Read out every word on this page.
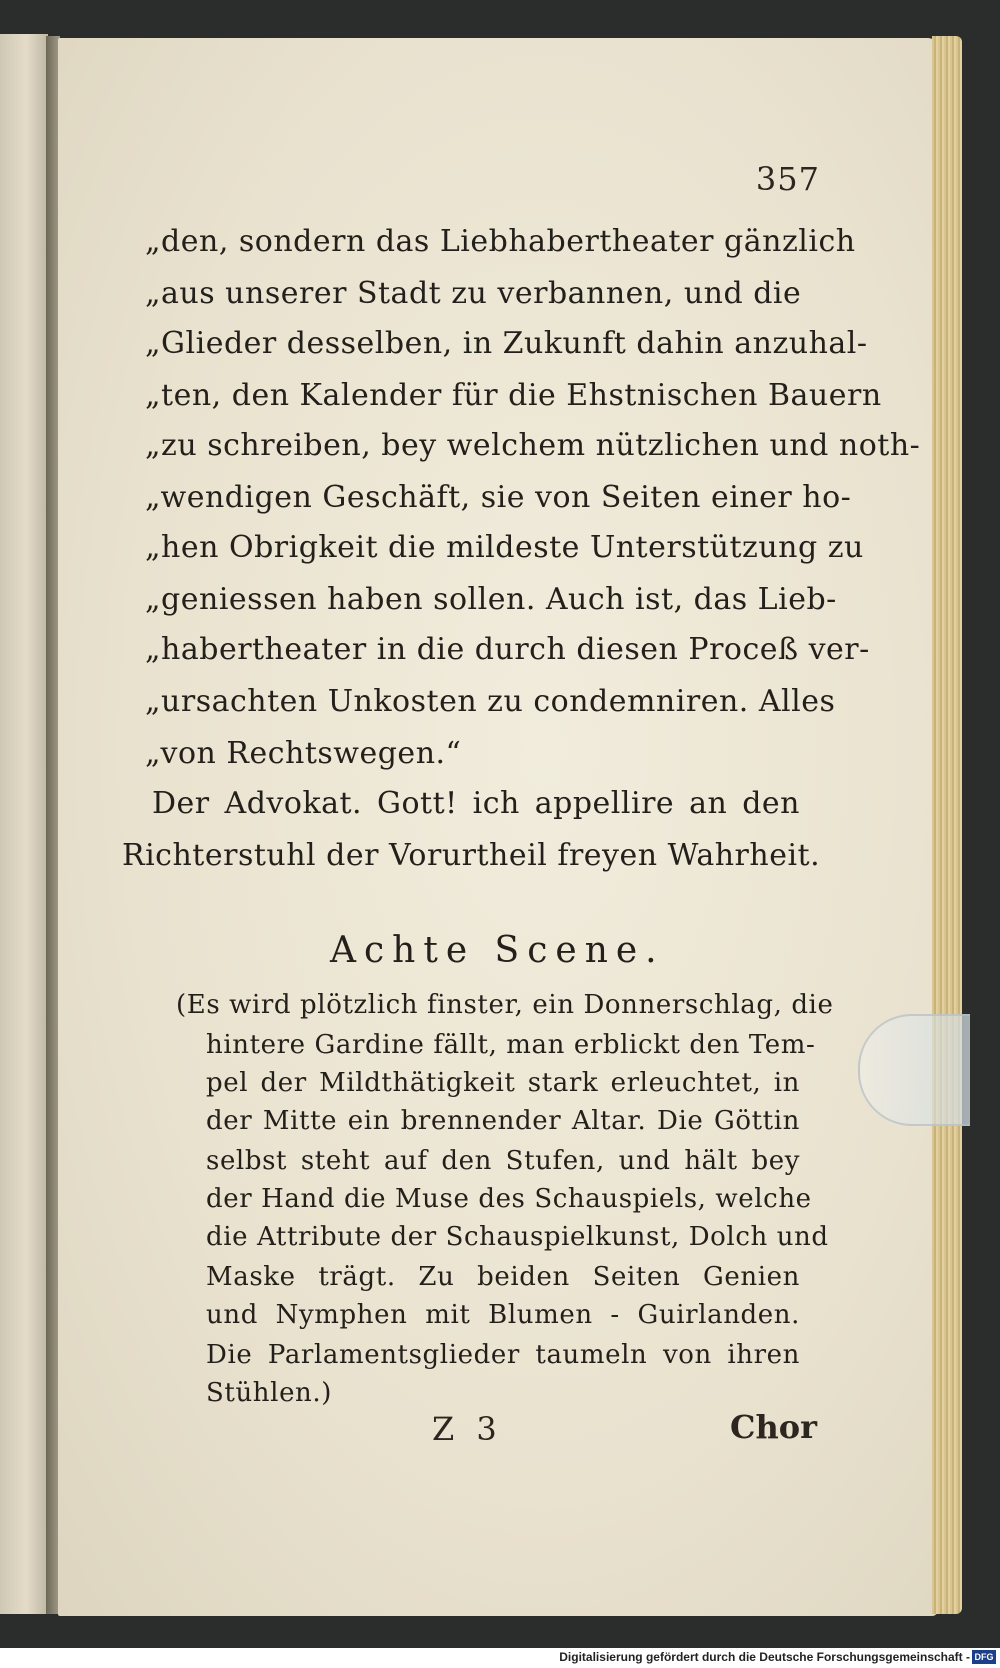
357
„den, sondern das Liebhabertheater gänzlich
„aus unserer Stadt zu verbannen, und die
„Glieder desselben, in Zukunft dahin anzuhal-
„ten, den Kalender für die Ehstnischen Bauern
„zu schreiben, bey welchem nützlichen und noth-
„wendigen Geschäft, sie von Seiten einer ho-
„hen Obrigkeit die mildeste Unterstützung zu
„geniessen haben sollen. Auch ist, das Lieb-
„habertheater in die durch diesen Proceß ver-
„ursachten Unkosten zu condemniren. Alles
„von Rechtswegen.“
Der Advokat. Gott! ich appellire an den
Richterstuhl der Vorurtheil freyen Wahrheit.
Achte Scene.
(Es wird plötzlich finster, ein Donnerschlag, die
hintere Gardine fällt, man erblickt den Tem-
pel der Mildthätigkeit stark erleuchtet, in
der Mitte ein brennender Altar. Die Göttin
selbst steht auf den Stufen, und hält bey
der Hand die Muse des Schauspiels, welche
die Attribute der Schauspielkunst, Dolch und
Maske trägt. Zu beiden Seiten Genien
und Nymphen mit Blumen - Guirlanden.
Die Parlamentsglieder taumeln von ihren
Stühlen.)
Z 3	Chor
Digitalisierung gefördert durch die Deutsche Forschungsgemeinschaft - DFG
